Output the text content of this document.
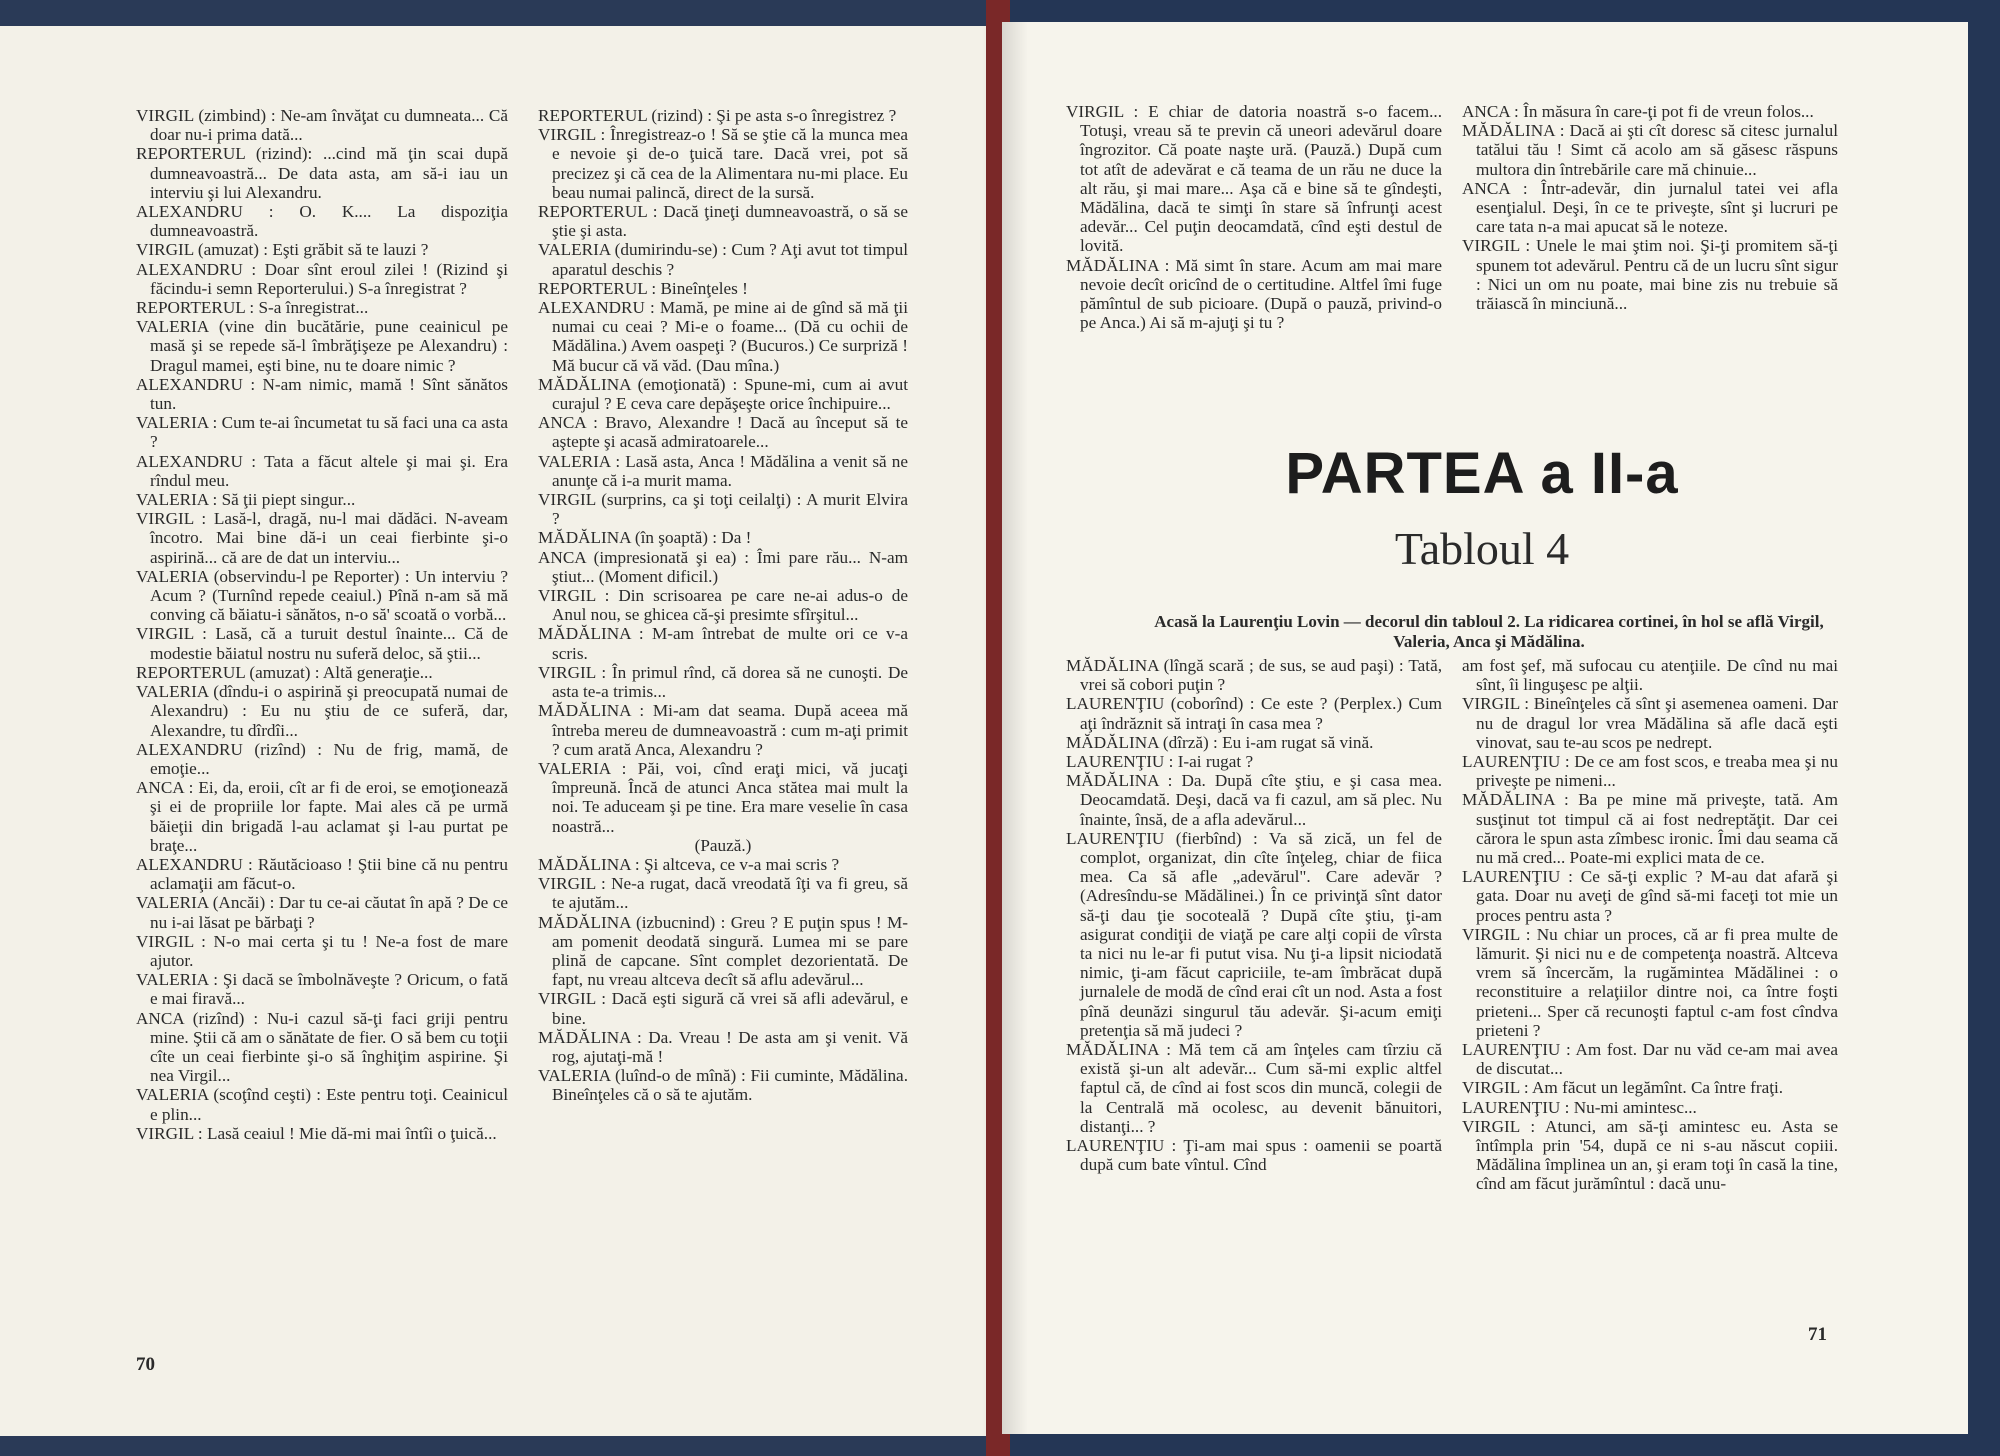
VIRGIL (zimbind) : Ne-am învăţat cu dumneata... Că doar nu-i prima dată...

REPORTERUL (rizind): ...cind mă ţin scai după dumneavoastră... De data asta, am să-i iau un interviu şi lui Alexandru.

ALEXANDRU : O. K.... La dispoziţia dumneavoastră.

VIRGIL (amuzat) : Eşti grăbit să te lauzi ?

ALEXANDRU : Doar sînt eroul zilei ! (Rizind şi făcindu-i semn Reporterului.) S-a înregistrat ?

REPORTERUL : S-a înregistrat...

VALERIA (vine din bucătărie, pune ceainicul pe masă şi se repede să-l îmbrăţişeze pe Alexandru) : Dragul mamei, eşti bine, nu te doare nimic ?

ALEXANDRU : N-am nimic, mamă ! Sînt sănătos tun.

VALERIA : Cum te-ai încumetat tu să faci una ca asta ?

ALEXANDRU : Tata a făcut altele şi mai şi. Era rîndul meu.

VALERIA : Să ţii piept singur...

VIRGIL : Lasă-l, dragă, nu-l mai dădăci. N-aveam încotro. Mai bine dă-i un ceai fierbinte şi-o aspirină... că are de dat un interviu...

VALERIA (observindu-l pe Reporter) : Un interviu ? Acum ? (Turnînd repede ceaiul.) Pînă n-am să mă conving că băiatu-i sănătos, n-o să' scoată o vorbă...

VIRGIL : Lasă, că a turuit destul înainte... Că de modestie băiatul nostru nu suferă deloc, să ştii...

REPORTERUL (amuzat) : Altă generaţie...

VALERIA (dîndu-i o aspirină şi preocupată numai de Alexandru) : Eu nu ştiu de ce suferă, dar, Alexandre, tu dîrdîi...

ALEXANDRU (rizînd) : Nu de frig, mamă, de emoţie...

ANCA : Ei, da, eroii, cît ar fi de eroi, se emoţionează şi ei de propriile lor fapte. Mai ales că pe urmă băieţii din brigadă l-au aclamat şi l-au purtat pe braţe...

ALEXANDRU : Răutăcioaso ! Ştii bine că nu pentru aclamaţii am făcut-o.

VALERIA (Ancăi) : Dar tu ce-ai căutat în apă ? De ce nu i-ai lăsat pe bărbaţi ?

VIRGIL : N-o mai certa şi tu ! Ne-a fost de mare ajutor.

VALERIA : Şi dacă se îmbolnăveşte ? Oricum, o fată e mai firavă...

ANCA (rizînd) : Nu-i cazul să-ţi faci griji pentru mine. Ştii că am o sănătate de fier. O să bem cu toţii cîte un ceai fierbinte şi-o să înghiţim aspirine. Şi nea Virgil...

VALERIA (scoţînd ceşti) : Este pentru toţi. Ceainicul e plin...

VIRGIL : Lasă ceaiul ! Mie dă-mi mai întîi o ţuică...

REPORTERUL (rizind) : Şi pe asta s-o înregistrez ?

VIRGIL : Înregistreaz-o ! Să se ştie că la munca mea e nevoie şi de-o ţuică tare. Dacă vrei, pot să precizez şi că cea de la Alimentara nu-mi place. Eu beau numai palincă, direct de la sursă.

REPORTERUL : Dacă ţineţi dumneavoastră, o să se ştie şi asta.

VALERIA (dumirindu-se) : Cum ? Aţi avut tot timpul aparatul deschis ?

REPORTERUL : Bineînţeles !

ALEXANDRU : Mamă, pe mine ai de gînd să mă ţii numai cu ceai ? Mi-e o foame... (Dă cu ochii de Mădălina.) Avem oaspeţi ? (Bucuros.) Ce surpriză ! Mă bucur că vă văd. (Dau mîna.)

MĂDĂLINA (emoţionată) : Spune-mi, cum ai avut curajul ? E ceva care depăşeşte orice închipuire...

ANCA : Bravo, Alexandre ! Dacă au început să te aştepte şi acasă admiratoarele...

VALERIA : Lasă asta, Anca ! Mădălina a venit să ne anunţe că i-a murit mama.

VIRGIL (surprins, ca şi toţi ceilalţi) : A murit Elvira ?

MĂDĂLINA (în şoaptă) : Da !

ANCA (impresionată şi ea) : Îmi pare rău... N-am ştiut... (Moment dificil.)

VIRGIL : Din scrisoarea pe care ne-ai adus-o de Anul nou, se ghicea că-şi presimte sfîrşitul...

MĂDĂLINA : M-am întrebat de multe ori ce v-a scris.

VIRGIL : În primul rînd, că dorea să ne cunoşti. De asta te-a trimis...

MĂDĂLINA : Mi-am dat seama. După aceea mă întreba mereu de dumneavoastră : cum m-aţi primit ? cum arată Anca, Alexandru ?

VALERIA : Păi, voi, cînd eraţi mici, vă jucaţi împreună. Încă de atunci Anca stătea mai mult la noi. Te aduceam şi pe tine. Era mare veselie în casa noastră...

(Pauză.)

MĂDĂLINA : Şi altceva, ce v-a mai scris ?

VIRGIL : Ne-a rugat, dacă vreodată îţi va fi greu, să te ajutăm...

MĂDĂLINA (izbucnind) : Greu ? E puţin spus ! M-am pomenit deodată singură. Lumea mi se pare plină de capcane. Sînt complet dezorientată. De fapt, nu vreau altceva decît să aflu adevărul...

VIRGIL : Dacă eşti sigură că vrei să afli adevărul, e bine.

MĂDĂLINA : Da. Vreau ! De asta am şi venit. Vă rog, ajutaţi-mă !

VALERIA (luînd-o de mînă) : Fii cuminte, Mădălina. Bineînţeles că o să te ajutăm.

70

VIRGIL : E chiar de datoria noastră s-o facem... Totuşi, vreau să te previn că uneori adevărul doare îngrozitor. Că poate naşte ură. (Pauză.) După cum tot atît de adevărat e că teama de un rău ne duce la alt rău, şi mai mare... Aşa că e bine să te gîndeşti, Mădălina, dacă te simţi în stare să înfrunţi acest adevăr... Cel puţin deocamdată, cînd eşti destul de lovită.

MĂDĂLINA : Mă simt în stare. Acum am mai mare nevoie decît oricînd de o certitudine. Altfel îmi fuge pămîntul de sub picioare. (După o pauză, privind-o pe Anca.) Ai să m-ajuţi şi tu ?

ANCA : În măsura în care-ţi pot fi de vreun folos...

MĂDĂLINA : Dacă ai şti cît doresc să citesc jurnalul tatălui tău ! Simt că acolo am să găsesc răspuns multora din întrebările care mă chinuie...

ANCA : Într-adevăr, din jurnalul tatei vei afla esenţialul. Deşi, în ce te priveşte, sînt şi lucruri pe care tata n-a mai apucat să le noteze.

VIRGIL : Unele le mai ştim noi. Şi-ţi promitem să-ţi spunem tot adevărul. Pentru că de un lucru sînt sigur : Nici un om nu poate, mai bine zis nu trebuie să trăiască în minciună...

PARTEA a II-a
Tabloul 4
Acasă la Laurenţiu Lovin — decorul din tabloul 2. La ridicarea cortinei, în hol se află Virgil, Valeria, Anca şi Mădălina.

MĂDĂLINA (lîngă scară ; de sus, se aud paşi) : Tată, vrei să cobori puţin ?

LAURENŢIU (coborînd) : Ce este ? (Perplex.) Cum aţi îndrăznit să intraţi în casa mea ?

MĂDĂLINA (dîrză) : Eu i-am rugat să vină.

LAURENŢIU : I-ai rugat ?

MĂDĂLINA : Da. După cîte ştiu, e şi casa mea. Deocamdată. Deşi, dacă va fi cazul, am să plec. Nu înainte, însă, de a afla adevărul...

LAURENŢIU (fierbînd) : Va să zică, un fel de complot, organizat, din cîte înţeleg, chiar de fiica mea. Ca să afle „adevărul". Care adevăr ? (Adresîndu-se Mădălinei.) În ce privinţă sînt dator să-ţi dau ţie socoteală ? După cîte ştiu, ţi-am asigurat condiţii de viaţă pe care alţi copii de vîrsta ta nici nu le-ar fi putut visa. Nu ţi-a lipsit niciodată nimic, ţi-am făcut capriciile, te-am îmbrăcat după jurnalele de modă de cînd erai cît un nod. Asta a fost pînă deunăzi singurul tău adevăr. Şi-acum emiţi pretenţia să mă judeci ?

MĂDĂLINA : Mă tem că am înţeles cam tîrziu că există şi-un alt adevăr... Cum să-mi explic altfel faptul că, de cînd ai fost scos din muncă, colegii de la Centrală mă ocolesc, au devenit bănuitori, distanţi... ?

LAURENŢIU : Ţi-am mai spus : oamenii se poartă după cum bate vîntul. Cînd

am fost şef, mă sufocau cu atenţiile. De cînd nu mai sînt, îi linguşesc pe alţii.

VIRGIL : Bineînţeles că sînt şi asemenea oameni. Dar nu de dragul lor vrea Mădălina să afle dacă eşti vinovat, sau te-au scos pe nedrept.

LAURENŢIU : De ce am fost scos, e treaba mea şi nu priveşte pe nimeni...

MĂDĂLINA : Ba pe mine mă priveşte, tată. Am susţinut tot timpul că ai fost nedreptăţit. Dar cei cărora le spun asta zîmbesc ironic. Îmi dau seama că nu mă cred... Poate-mi explici mata de ce.

LAURENŢIU : Ce să-ţi explic ? M-au dat afară şi gata. Doar nu aveţi de gînd să-mi faceţi tot mie un proces pentru asta ?

VIRGIL : Nu chiar un proces, că ar fi prea multe de lămurit. Şi nici nu e de competenţa noastră. Altceva vrem să încercăm, la rugămintea Mădălinei : o reconstituire a relaţiilor dintre noi, ca între foşti prieteni... Sper că recunoşti faptul c-am fost cîndva prieteni ?

LAURENŢIU : Am fost. Dar nu văd ce-am mai avea de discutat...

VIRGIL : Am făcut un legămînt. Ca între fraţi.

LAURENŢIU : Nu-mi amintesc...

VIRGIL : Atunci, am să-ţi amintesc eu. Asta se întîmpla prin '54, după ce ni s-au născut copiii. Mădălina împlinea un an, şi eram toţi în casă la tine, cînd am făcut jurămîntul : dacă unu-

71
